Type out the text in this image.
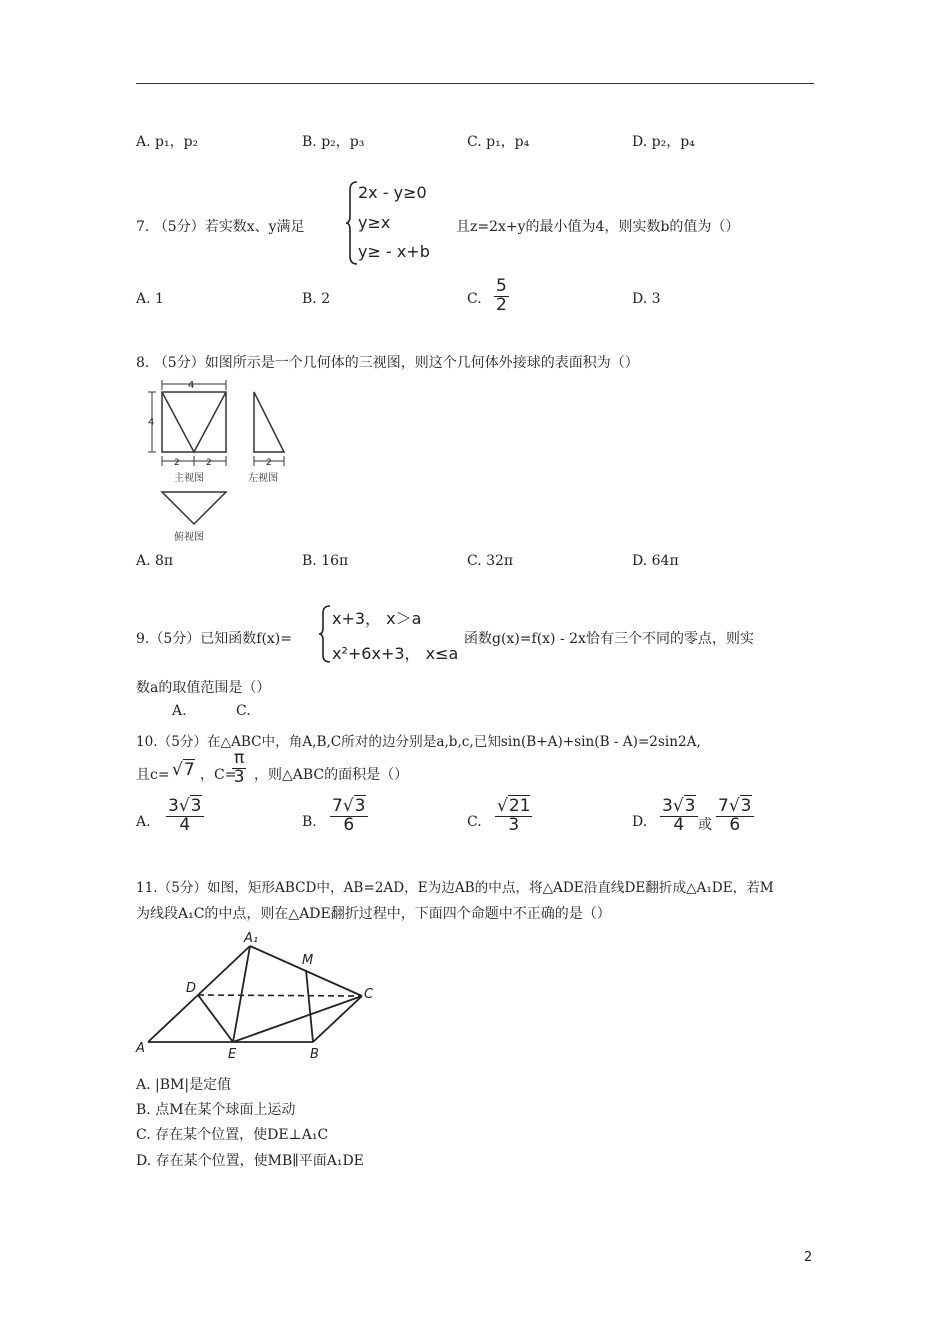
A. p₁，p₂	B. p₂，p₃	C. p₁，p₄	D. p₂，p₄
7. （5分）若实数x、y满足
2x - y≥0
y≥x
y≥ - x+b
且z=2x+y的最小值为4，则实数b的值为（）
A. 1	B. 2	C. $\frac{5}{2}$	D. 3
8. （5分）如图所示是一个几何体的三视图，则这个几何体外接球的表面积为（）
4
4
2	2
主视图
2
左视图
俯视图
A. 8π	B. 16π	C. 32π	D. 64π
9.（5分）已知函数f(x)=
x+3， x＞a
x²+6x+3， x≤a
函数g(x)=f(x) - 2x恰有三个不同的零点，则实
数a的取值范围是（）
A.	C.
10.（5分）在△ABC中，角A,B,C所对的边分别是a,b,c,已知sin(B+A)+sin(B - A)=2sin2A,
且c= √7 ，C=
$\frac{\pi}{3}$ ，则△ABC的面积是（）
A. $\frac{3√3}{4}$	B. $\frac{7√3}{6}$	C. $\frac{√21}{3}$	D. $\frac{3√3}{4}$ 或 $\frac{7√3}{6}$
11.（5分）如图，矩形ABCD中，AB=2AD，E为边AB的中点，将△ADE沿直线DE翻折成△A₁DE，若M
为线段A₁C的中点，则在△ADE翻折过程中，下面四个命题中不正确的是（）
A₁
M
D	C
A	E	B
A. |BM|是定值
B. 点M在某个球面上运动
C. 存在某个位置，使DE⊥A₁C
D. 存在某个位置，使MB∥平面A₁DE
2
